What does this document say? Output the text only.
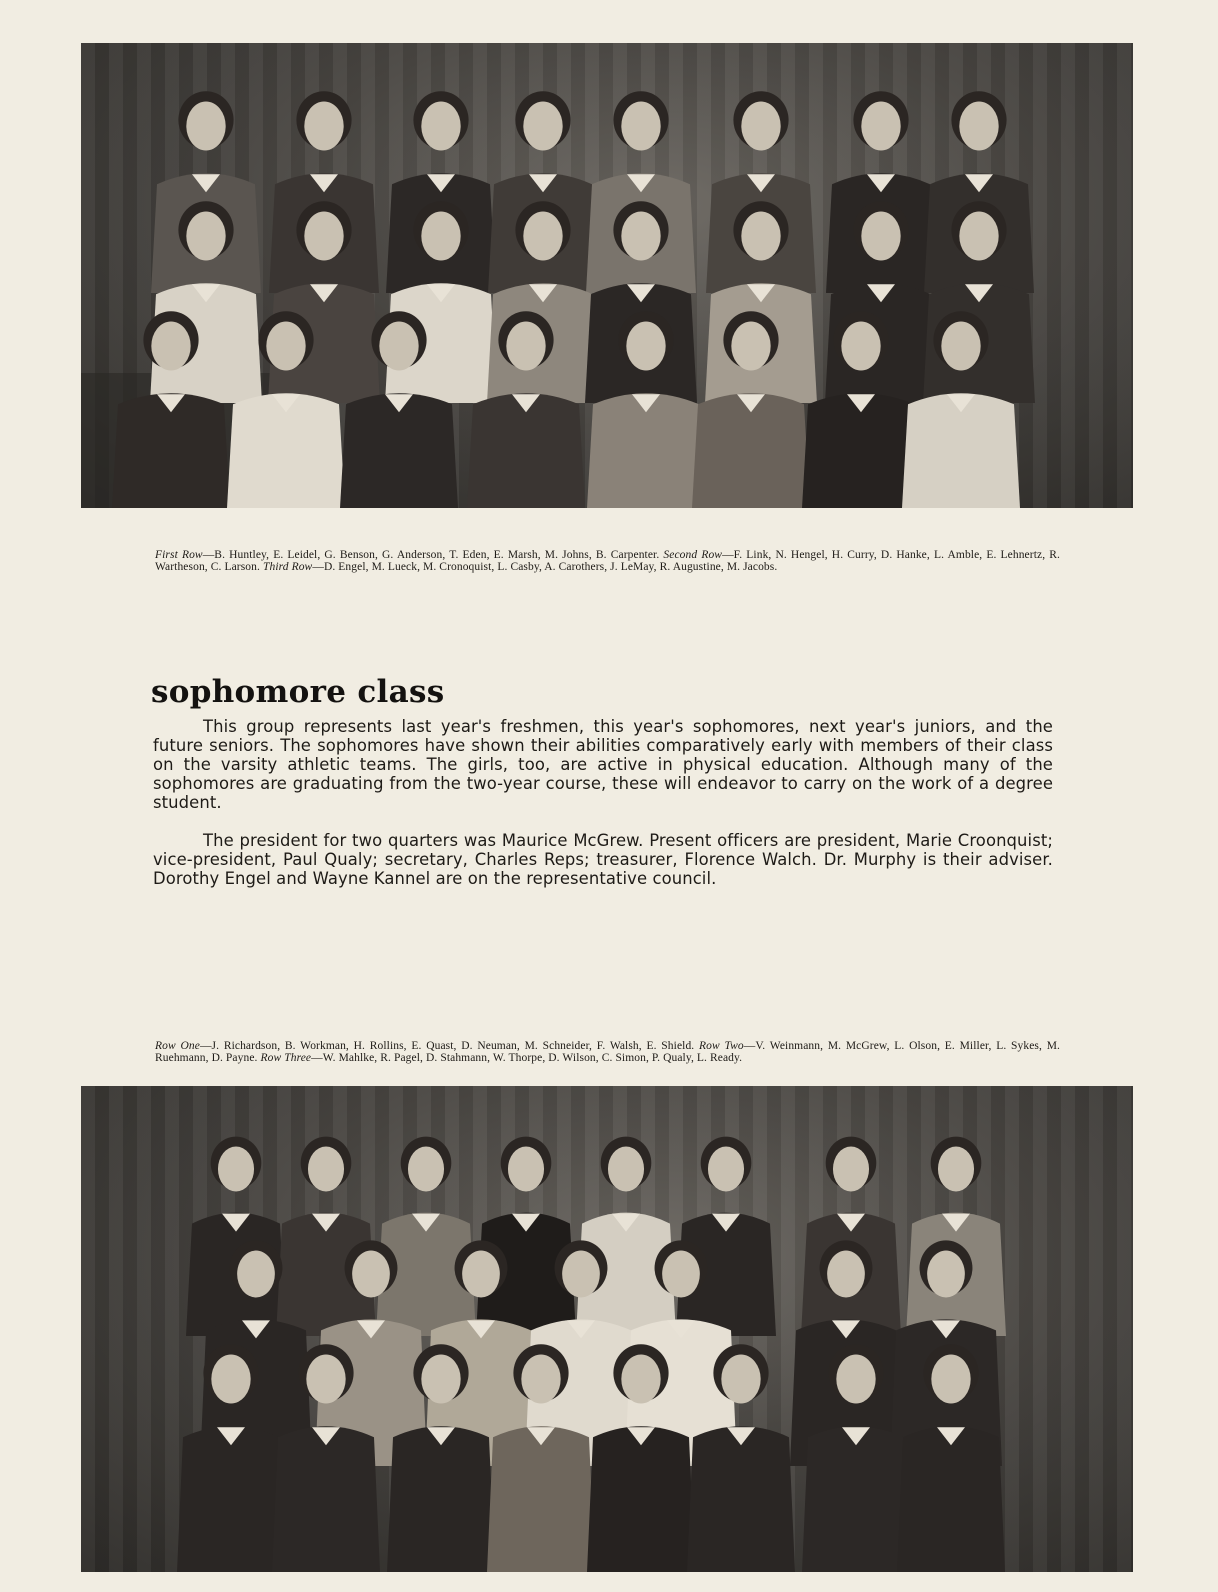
First Row—B. Huntley, E. Leidel, G. Benson, G. Anderson, T. Eden, E. Marsh, M. Johns, B. Carpenter. Second Row—F. Link, N. Hengel, H. Curry, D. Hanke, L. Amble, E. Lehnertz, R. Wartheson, C. Larson. Third Row—D. Engel, M. Lueck, M. Cronoquist, L. Casby, A. Carothers, J. LeMay, R. Augustine, M. Jacobs.

sophomore class

This group represents last year's freshmen, this year's sophomores, next year's juniors, and the future seniors. The sophomores have shown their abilities comparatively early with members of their class on the varsity athletic teams. The girls, too, are active in physical education. Although many of the sophomores are graduating from the two-year course, these will endeavor to carry on the work of a degree student.

The president for two quarters was Maurice McGrew. Present officers are president, Marie Croonquist; vice-president, Paul Qualy; secretary, Charles Reps; treasurer, Florence Walch. Dr. Murphy is their adviser. Dorothy Engel and Wayne Kannel are on the representative council.

Row One—J. Richardson, B. Workman, H. Rollins, E. Quast, D. Neuman, M. Schneider, F. Walsh, E. Shield. Row Two—V. Weinmann, M. McGrew, L. Olson, E. Miller, L. Sykes, M. Ruehmann, D. Payne. Row Three—W. Mahlke, R. Pagel, D. Stahmann, W. Thorpe, D. Wilson, C. Simon, P. Qualy, L. Ready.
